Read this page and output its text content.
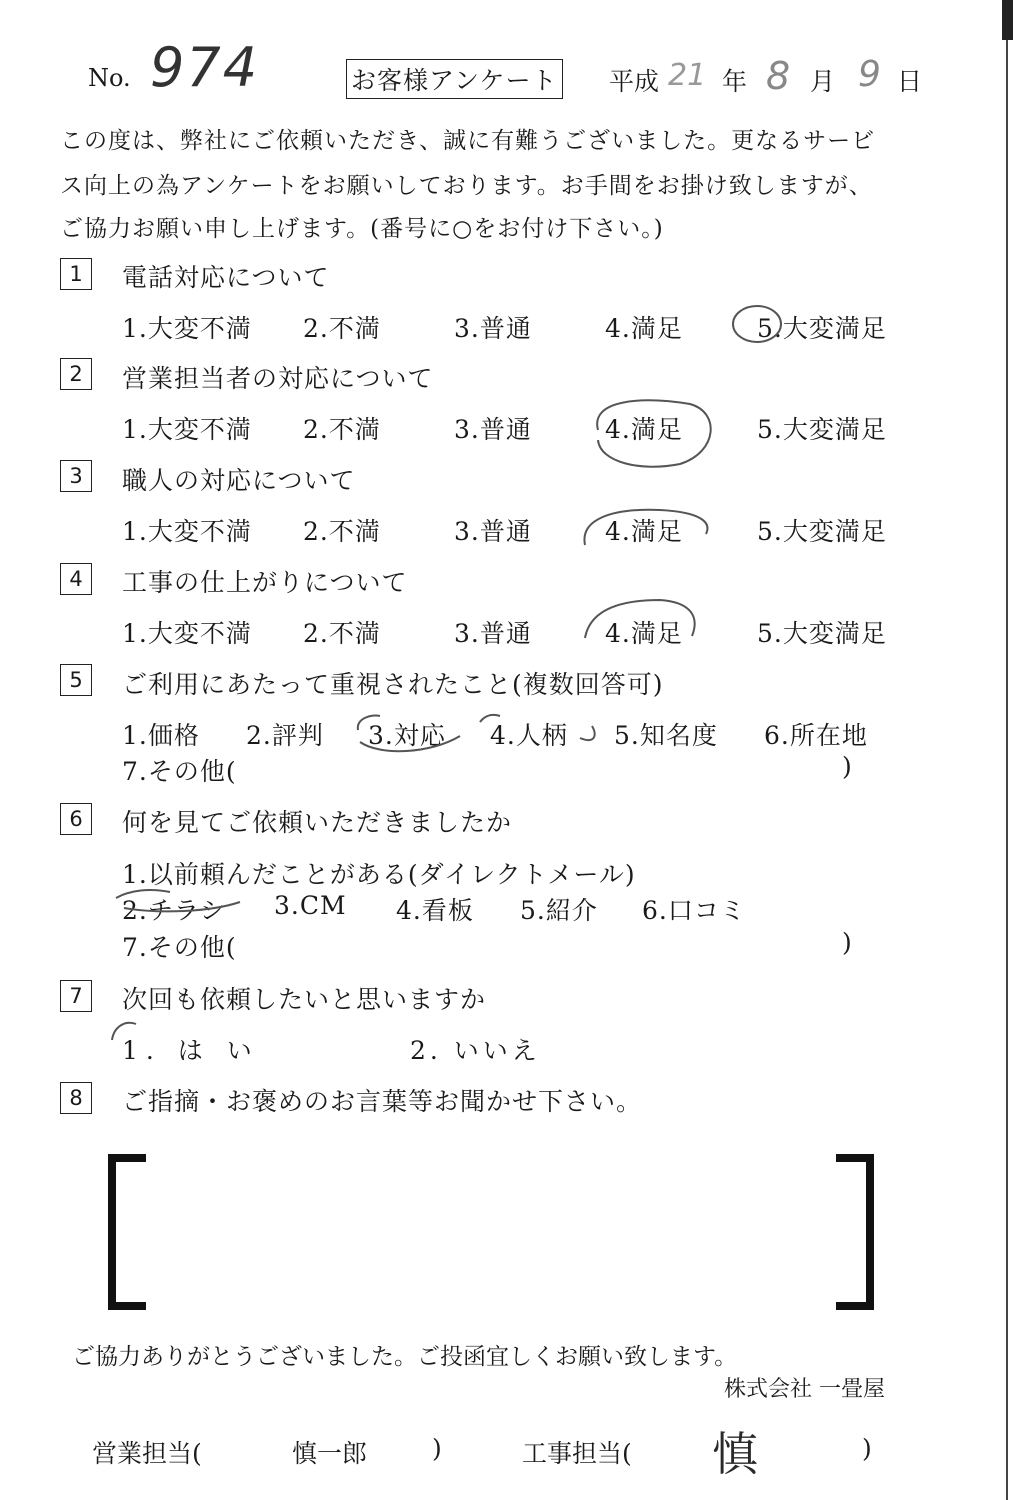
No. 974	お客様アンケート 平成 21 年 8 月 9 日
この度は、弊社にご依頼いただき、誠に有難うございました。更なるサービ
ス向上の為アンケートをお願いしております。お手間をお掛け致しますが、
ご協力お願い申し上げます。(番号に○をお付け下さい。)
1	電話対応について
1.大変不満 2.不満	3.普通	4.満足	5.大変満足
2	営業担当者の対応について
1.大変不満 2.不満	3.普通	4.満足	5.大変満足
3	職人の対応について
1.大変不満 2.不満	3.普通	4.満足	5.大変満足
4	工事の仕上がりについて
1.大変不満 2.不満	3.普通	4.満足	5.大変満足
5	ご利用にあたって重視されたこと(複数回答可)
1.価格 2.評判 3.対応 4.人柄 5.知名度 6.所在地
7.その他(	)
6	何を見てご依頼いただきましたか
1.以前頼んだことがある(ダイレクトメール)
2.チラシ 3.CM 4.看板 5.紹介 6.口コミ
7.その他(	)
7	次回も依頼したいと思いますか
1. は い	2. いいえ
8	ご指摘・お褒めのお言葉等お聞かせ下さい。
ご協力ありがとうございました。ご投函宜しくお願い致します。
株式会社 一畳屋
営業担当(	慎一郎	)	工事担当( 慎	)
